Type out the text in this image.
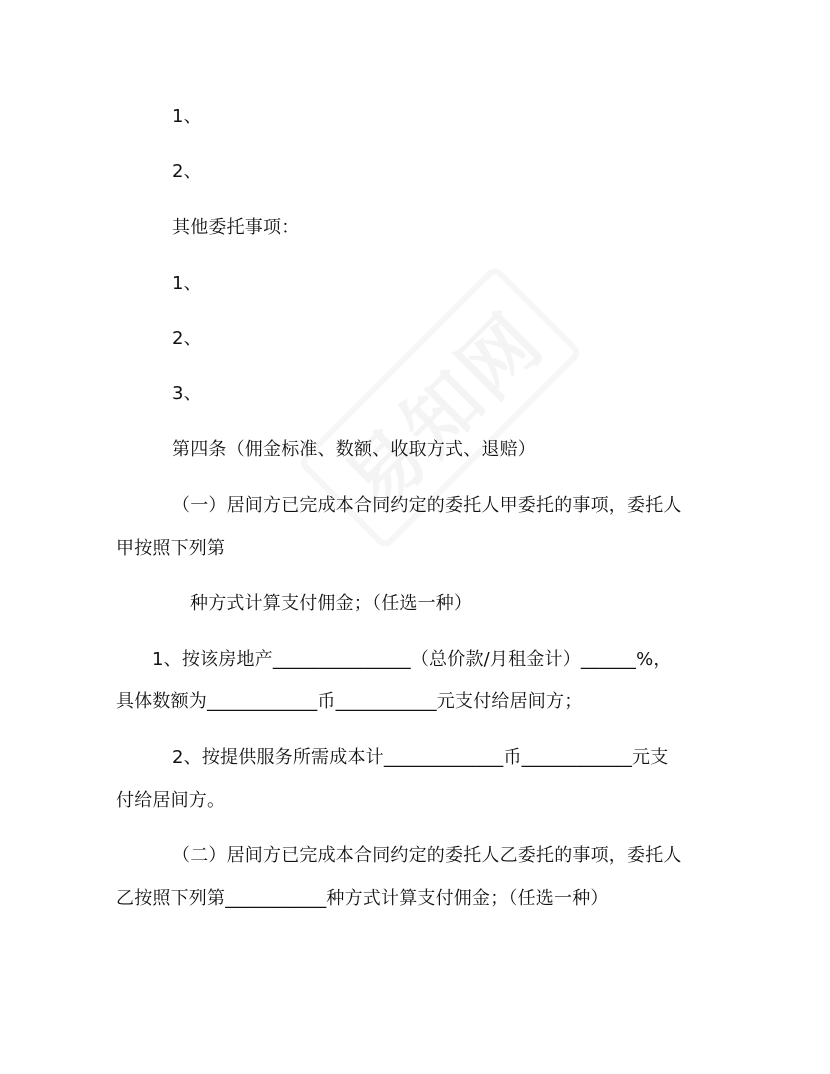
1、
2、
其他委托事项：
1、
2、
3、
第四条（佣金标准、数额、收取方式、退赔）
（一）居间方已完成本合同约定的委托人甲委托的事项，委托人
甲按照下列第
种方式计算支付佣金；（任选一种）
1、按该房地产_______________（总价款/月租金计）______%，
具体数额为____________币___________元支付给居间方；
2、按提供服务所需成本计_____________币____________元支
付给居间方。
（二）居间方已完成本合同约定的委托人乙委托的事项，委托人
乙按照下列第___________种方式计算支付佣金；（任选一种）
